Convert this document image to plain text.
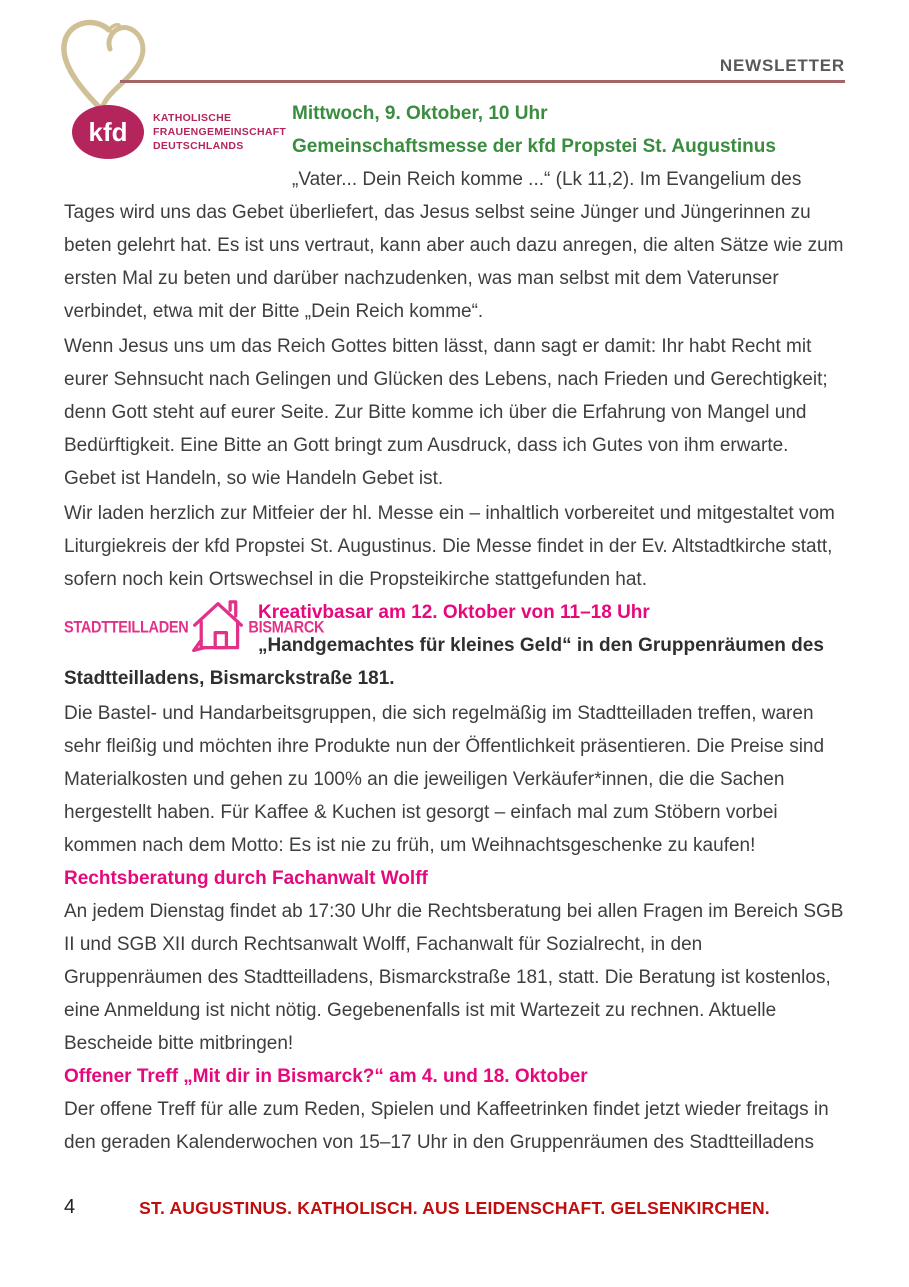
NEWSLETTER
kfd	KATHOLISCHE
FRAUENGEMEINSCHAFT
DEUTSCHLANDS
Mittwoch, 9. Oktober, 10 Uhr
Gemeinschaftsmesse der kfd Propstei St. Augustinus

„Vater... Dein Reich komme ...“ (Lk 11,2). Im Evangelium des Tages wird uns das Gebet überliefert, das Jesus selbst seine Jünger und Jüngerinnen zu beten gelehrt hat. Es ist uns vertraut, kann aber auch dazu anregen, die alten Sätze wie zum ersten Mal zu beten und darüber nachzudenken, was man selbst mit dem Vaterunser verbindet, etwa mit der Bitte „Dein Reich komme“.

Wenn Jesus uns um das Reich Gottes bitten lässt, dann sagt er damit: Ihr habt Recht mit eurer Sehnsucht nach Gelingen und Glücken des Lebens, nach Frieden und Gerechtigkeit; denn Gott steht auf eurer Seite. Zur Bitte komme ich über die Erfahrung von Mangel und Bedürftigkeit. Eine Bitte an Gott bringt zum Ausdruck, dass ich Gutes von ihm erwarte. Gebet ist Handeln, so wie Handeln Gebet ist.

Wir laden herzlich zur Mitfeier der hl. Messe ein – inhaltlich vorbereitet und mitgestaltet vom Liturgiekreis der kfd Propstei St. Augustinus. Die Messe findet in der Ev. Altstadtkirche statt, sofern noch kein Ortswechsel in die Propsteikirche stattgefunden hat.

STADTTEILLADEN	BISMARCK
Kreativbasar am 12. Oktober von 11–18 Uhr

„Handgemachtes für kleines Geld“ in den Gruppenräumen des Stadtteilladens, Bismarckstraße 181.

Die Bastel- und Handarbeitsgruppen, die sich regelmäßig im Stadtteilladen treffen, waren sehr fleißig und möchten ihre Produkte nun der Öffentlichkeit präsentieren. Die Preise sind Materialkosten und gehen zu 100% an die jeweiligen Verkäufer*innen, die die Sachen hergestellt haben. Für Kaffee & Kuchen ist gesorgt – einfach mal zum Stöbern vorbei kommen nach dem Motto: Es ist nie zu früh, um Weihnachtsgeschenke zu kaufen!

Rechtsberatung durch Fachanwalt Wolff

An jedem Dienstag findet ab 17:30 Uhr die Rechtsberatung bei allen Fragen im Bereich SGB II und SGB XII durch Rechtsanwalt Wolff, Fachanwalt für Sozialrecht, in den Gruppenräumen des Stadtteilladens, Bismarckstraße 181, statt. Die Beratung ist kostenlos, eine Anmeldung ist nicht nötig. Gegebenenfalls ist mit Wartezeit zu rechnen. Aktuelle Bescheide bitte mitbringen!

Offener Treff „Mit dir in Bismarck?“ am 4. und 18. Oktober

Der offene Treff für alle zum Reden, Spielen und Kaffeetrinken findet jetzt wieder freitags in den geraden Kalenderwochen von 15–17 Uhr in den Gruppenräumen des Stadtteilladens

4	ST. AUGUSTINUS. KATHOLISCH. AUS LEIDENSCHAFT. GELSENKIRCHEN.
